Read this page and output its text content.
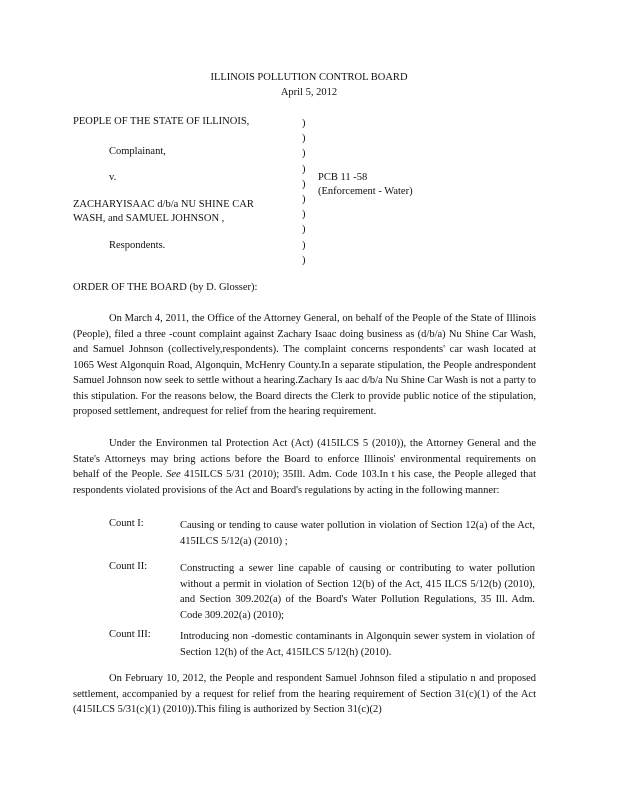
ILLINOIS POLLUTION CONTROL BOARD
April 5, 2012
PEOPLE OF THE STATE OF ILLINOIS,
Complainant,
v.
ZACHARYISAAC d/b/a NU SHINE CAR
WASH, and SAMUEL JOHNSON ,
Respondents.
)
)
)
)
)
)
)
)
)
)
PCB 11 -58
(Enforcement - Water)
ORDER OF THE BOARD (by D. Glosser):
On March 4, 2011, the Office of the Attorney General, on behalf of the People of the State of Illinois (People), filed a three -count complaint against Zachary Isaac doing business as (d/b/a) Nu Shine Car Wash, and Samuel Johnson (collectively,respondents). The complaint concerns respondents' car wash located at 1065 West Algonquin Road, Algonquin, McHenry County.In a separate stipulation, the People andrespondent Samuel Johnson now seek to settle without a hearing.Zachary Is aac d/b/a Nu Shine Car Wash is not a party to this stipulation. For the reasons below, the Board directs the Clerk to provide public notice of the stipulation, proposed settlement, andrequest for relief from the hearing requirement.
Under the Environmen tal Protection Act (Act) (415ILCS 5 (2010)), the Attorney General and the State's Attorneys may bring actions before the Board to enforce Illinois' environmental requirements on behalf of the People. See 415ILCS 5/31 (2010); 35Ill. Adm. Code 103.In t his case, the People alleged that respondents violated provisions of the Act and Board's regulations by acting in the following manner:
Count I:	Causing or tending to cause water pollution in violation of Section 12(a) of the Act, 415ILCS 5/12(a) (2010) ;
Count II:	Constructing a sewer line capable of causing or contributing to water pollution without a permit in violation of Section 12(b) of the Act, 415 ILCS 5/12(b) (2010), and Section 309.202(a) of the Board's Water Pollution Regulations, 35 Ill. Adm. Code 309.202(a) (2010);
Count III:	Introducing non -domestic contaminants in Algonquin sewer system in violation of Section 12(h) of the Act, 415ILCS 5/12(h) (2010).
On February 10, 2012, the People and respondent Samuel Johnson filed a stipulatio n and proposed settlement, accompanied by a request for relief from the hearing requirement of Section 31(c)(1) of the Act (415ILCS 5/31(c)(1) (2010)).This filing is authorized by Section 31(c)(2)
